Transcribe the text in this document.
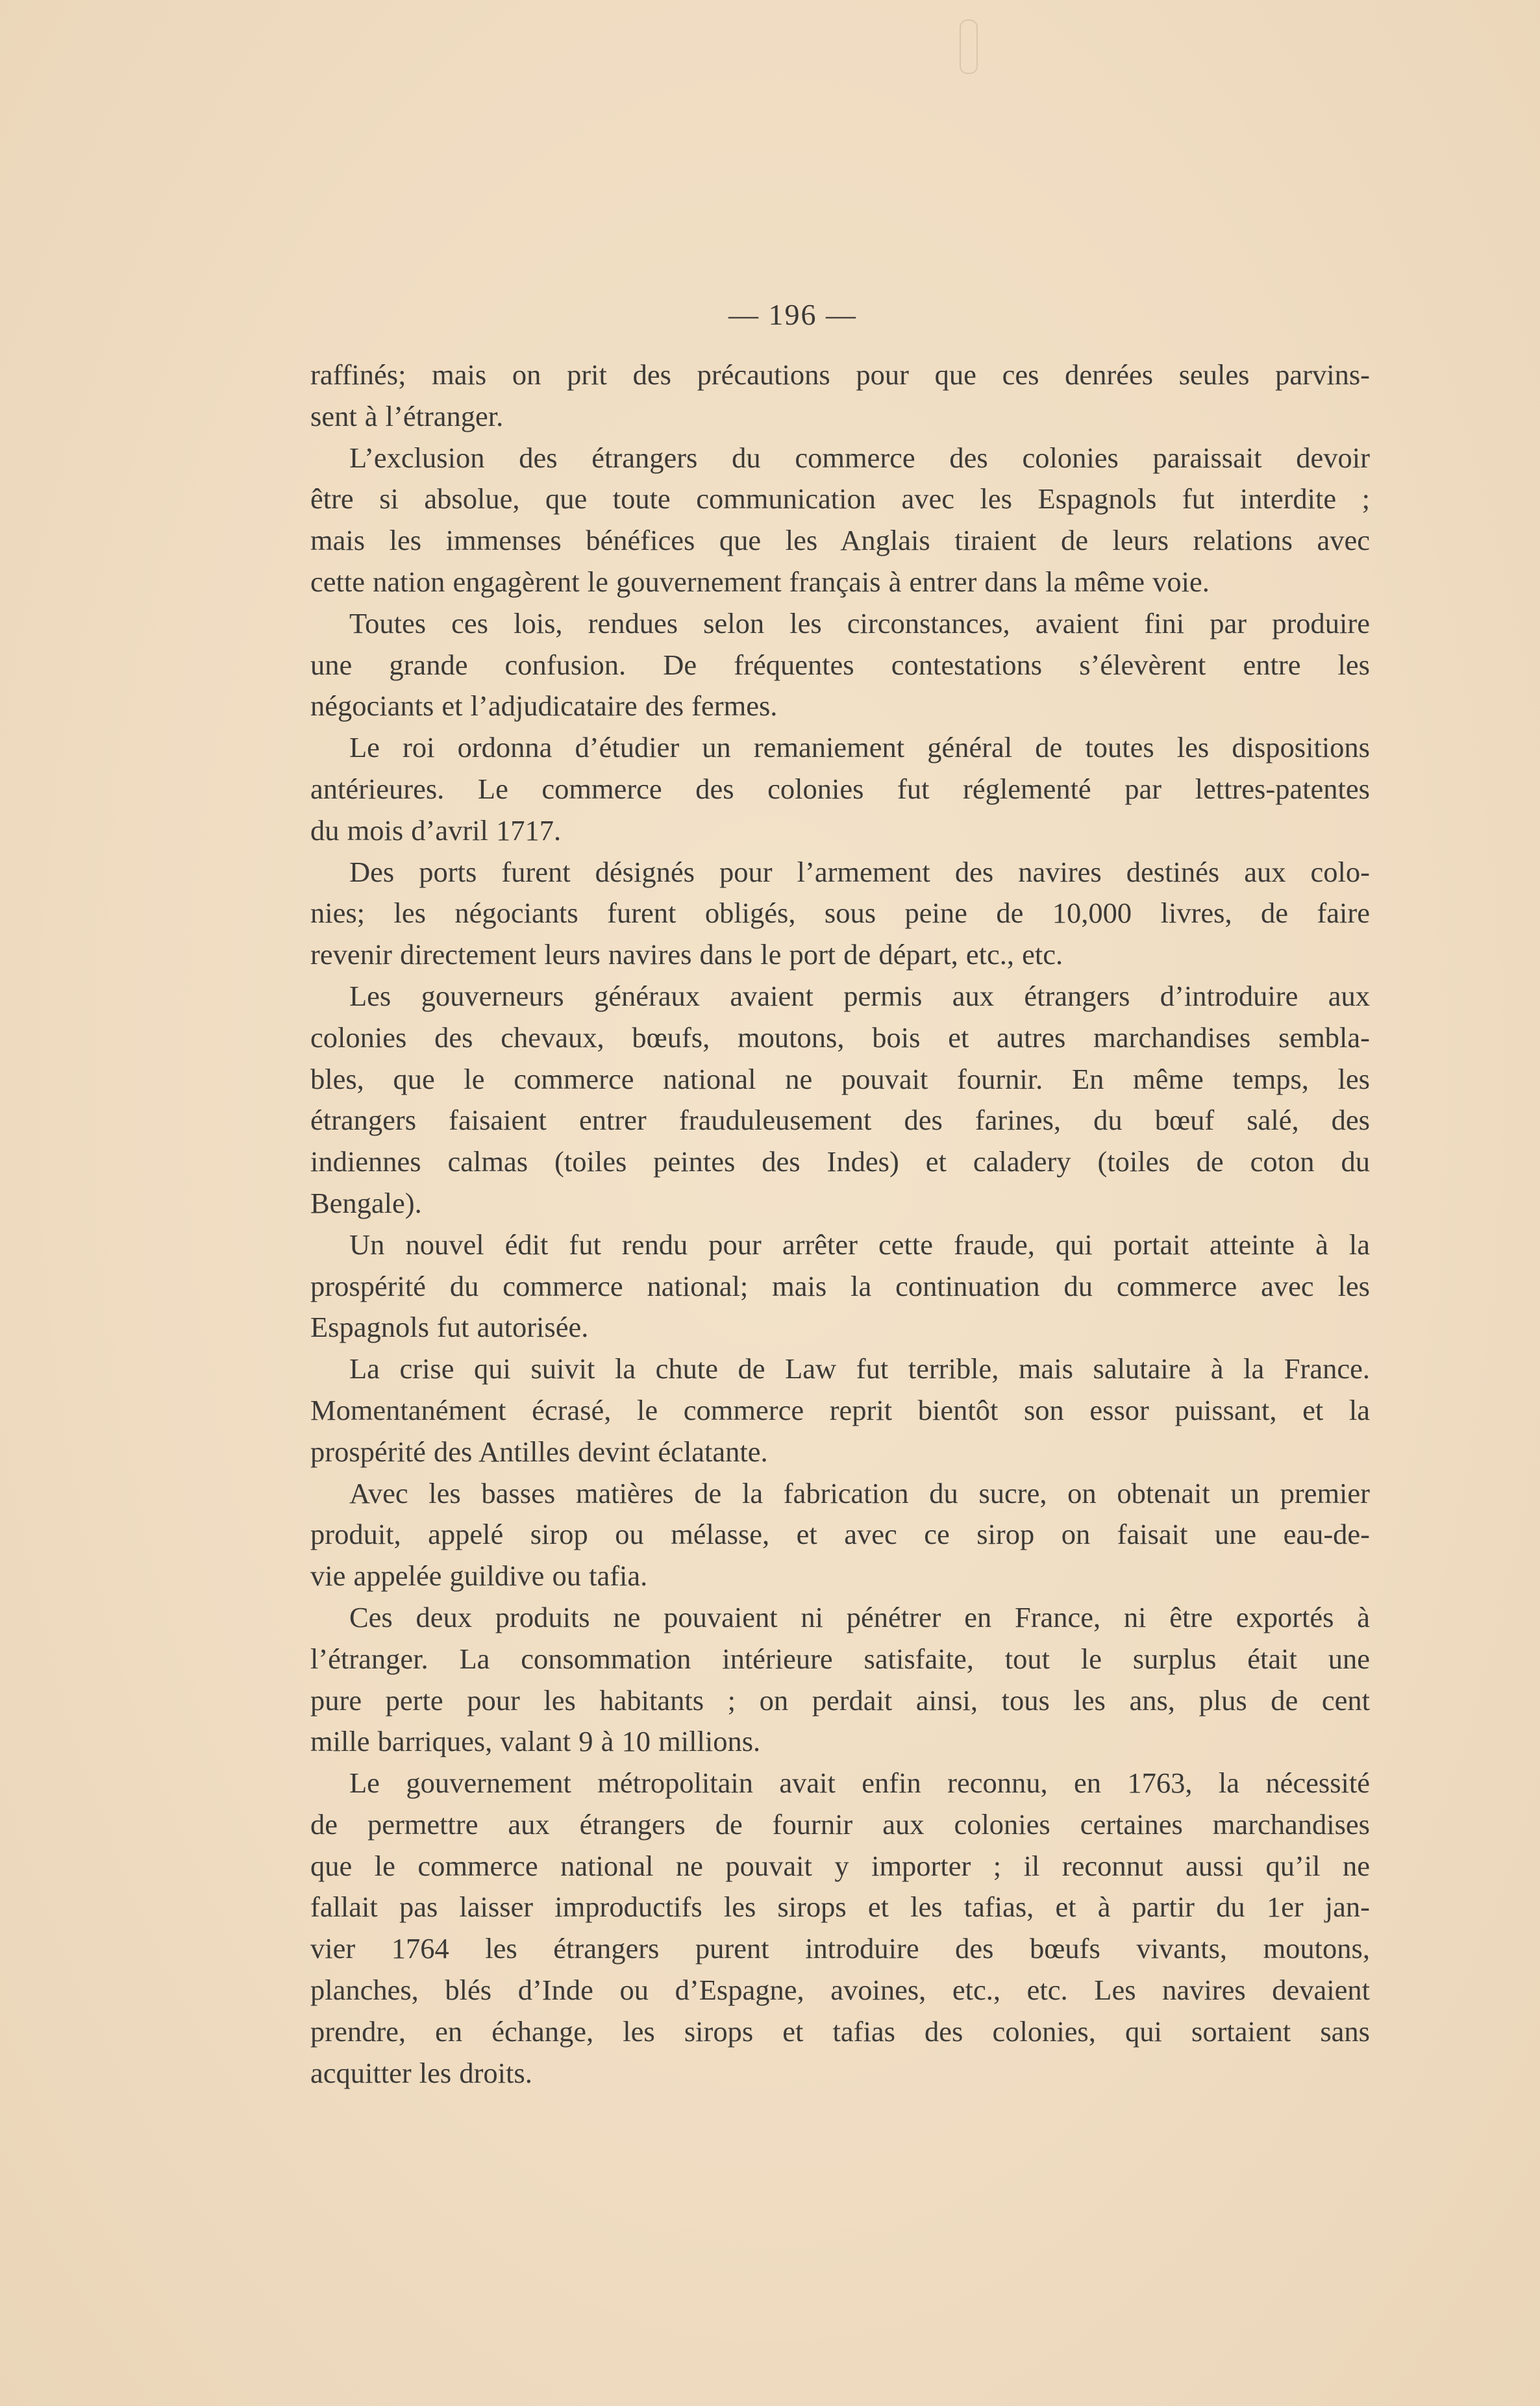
— 196 —

raffinés; mais on prit des précautions pour que ces denrées seules parvins-
sent à l’étranger.

L’exclusion des étrangers du commerce des colonies paraissait devoir
être si absolue, que toute communication avec les Espagnols fut interdite ;
mais les immenses bénéfices que les Anglais tiraient de leurs relations avec
cette nation engagèrent le gouvernement français à entrer dans la même voie.

Toutes ces lois, rendues selon les circonstances, avaient fini par produire
une grande confusion. De fréquentes contestations s’élevèrent entre les
négociants et l’adjudicataire des fermes.

Le roi ordonna d’étudier un remaniement général de toutes les dispositions
antérieures. Le commerce des colonies fut réglementé par lettres-patentes
du mois d’avril 1717.

Des ports furent désignés pour l’armement des navires destinés aux colo-
nies; les négociants furent obligés, sous peine de 10,000 livres, de faire
revenir directement leurs navires dans le port de départ, etc., etc.

Les gouverneurs généraux avaient permis aux étrangers d’introduire aux
colonies des chevaux, bœufs, moutons, bois et autres marchandises sembla-
bles, que le commerce national ne pouvait fournir. En même temps, les
étrangers faisaient entrer frauduleusement des farines, du bœuf salé, des
indiennes calmas (toiles peintes des Indes) et caladery (toiles de coton du
Bengale).

Un nouvel édit fut rendu pour arrêter cette fraude, qui portait atteinte à la
prospérité du commerce national; mais la continuation du commerce avec les
Espagnols fut autorisée.

La crise qui suivit la chute de Law fut terrible, mais salutaire à la France.
Momentanément écrasé, le commerce reprit bientôt son essor puissant, et la
prospérité des Antilles devint éclatante.

Avec les basses matières de la fabrication du sucre, on obtenait un premier
produit, appelé sirop ou mélasse, et avec ce sirop on faisait une eau-de-
vie appelée guildive ou tafia.

Ces deux produits ne pouvaient ni pénétrer en France, ni être exportés à
l’étranger. La consommation intérieure satisfaite, tout le surplus était une
pure perte pour les habitants ; on perdait ainsi, tous les ans, plus de cent
mille barriques, valant 9 à 10 millions.

Le gouvernement métropolitain avait enfin reconnu, en 1763, la nécessité
de permettre aux étrangers de fournir aux colonies certaines marchandises
que le commerce national ne pouvait y importer ; il reconnut aussi qu’il ne
fallait pas laisser improductifs les sirops et les tafias, et à partir du 1er jan-
vier 1764 les étrangers purent introduire des bœufs vivants, moutons,
planches, blés d’Inde ou d’Espagne, avoines, etc., etc. Les navires devaient
prendre, en échange, les sirops et tafias des colonies, qui sortaient sans
acquitter les droits.
